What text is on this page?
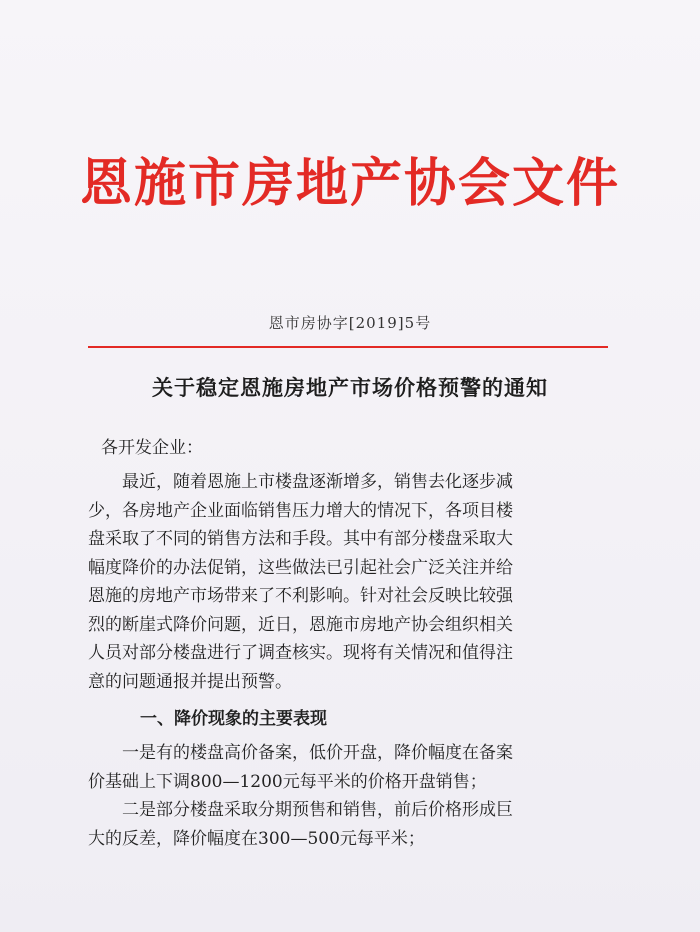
恩施市房地产协会文件
恩市房协字[2019]5号
关于稳定恩施房地产市场价格预警的通知
各开发企业：
最近，随着恩施上市楼盘逐渐增多，销售去化逐步减
少，各房地产企业面临销售压力增大的情况下，各项目楼
盘采取了不同的销售方法和手段。其中有部分楼盘采取大
幅度降价的办法促销，这些做法已引起社会广泛关注并给
恩施的房地产市场带来了不利影响。针对社会反映比较强
烈的断崖式降价问题，近日，恩施市房地产协会组织相关
人员对部分楼盘进行了调查核实。现将有关情况和值得注
意的问题通报并提出预警。
一、降价现象的主要表现
一是有的楼盘高价备案，低价开盘，降价幅度在备案
价基础上下调800—1200元每平米的价格开盘销售；
二是部分楼盘采取分期预售和销售，前后价格形成巨
大的反差，降价幅度在300—500元每平米；
